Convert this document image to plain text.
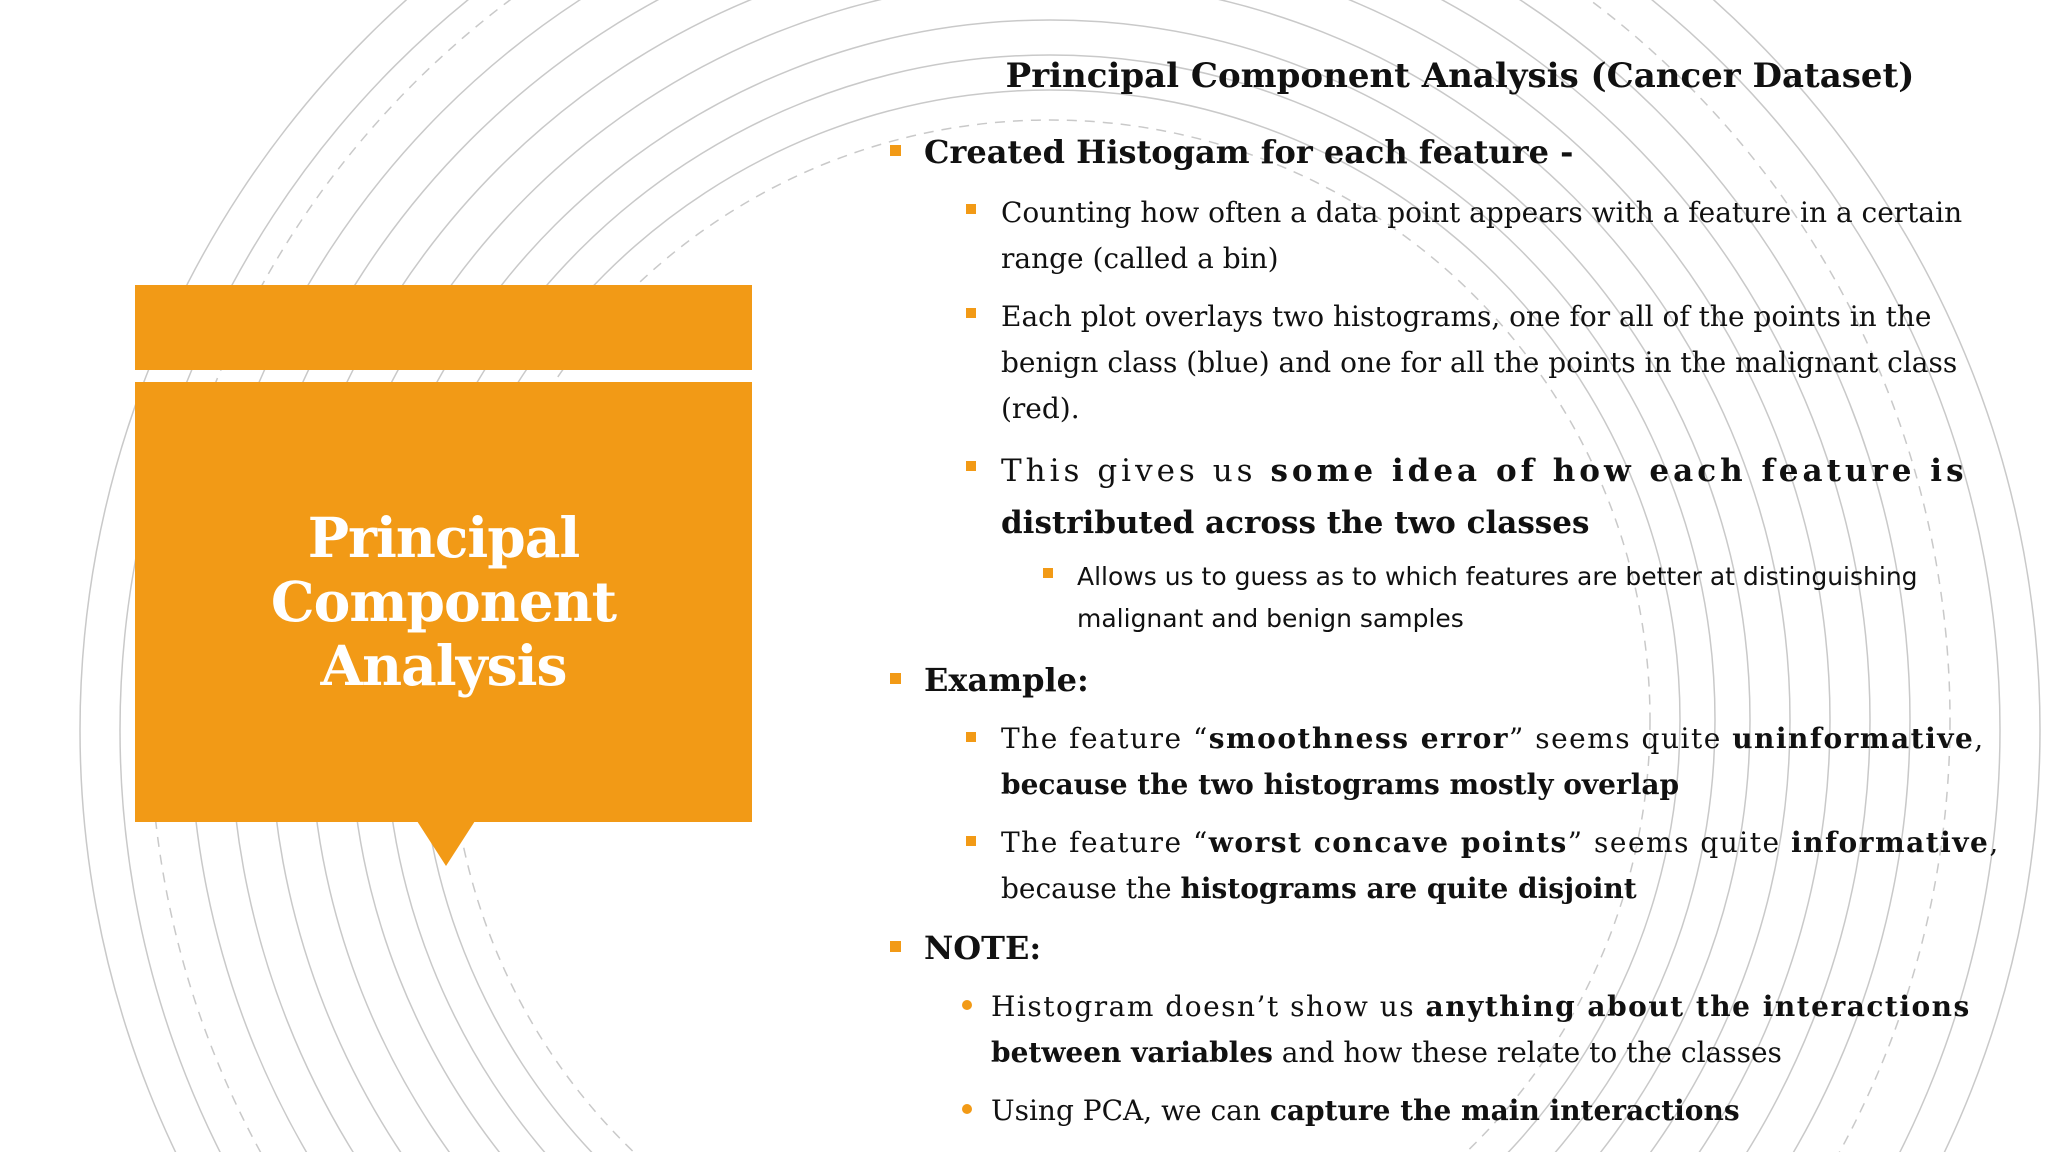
Principal
Component
Analysis
Principal Component Analysis (Cancer Dataset)
Created Histogam for each feature -
Counting how often a data point appears with a feature in a certain range (called a bin)
Each plot overlays two histograms, one for all of the points in the benign class (blue) and one for all the points in the malignant class (red).
This gives us some idea of how each feature is
distributed across the two classes
Allows us to guess as to which features are better at distinguishing malignant and benign samples
Example:
The feature “smoothness error” seems quite uninformative,
because the two histograms mostly overlap
The feature “worst concave points” seems quite informative,
because the histograms are quite disjoint
NOTE:
Histogram doesn’t show us anything about the interactions
between variables and how these relate to the classes
Using PCA, we can capture the main interactions
